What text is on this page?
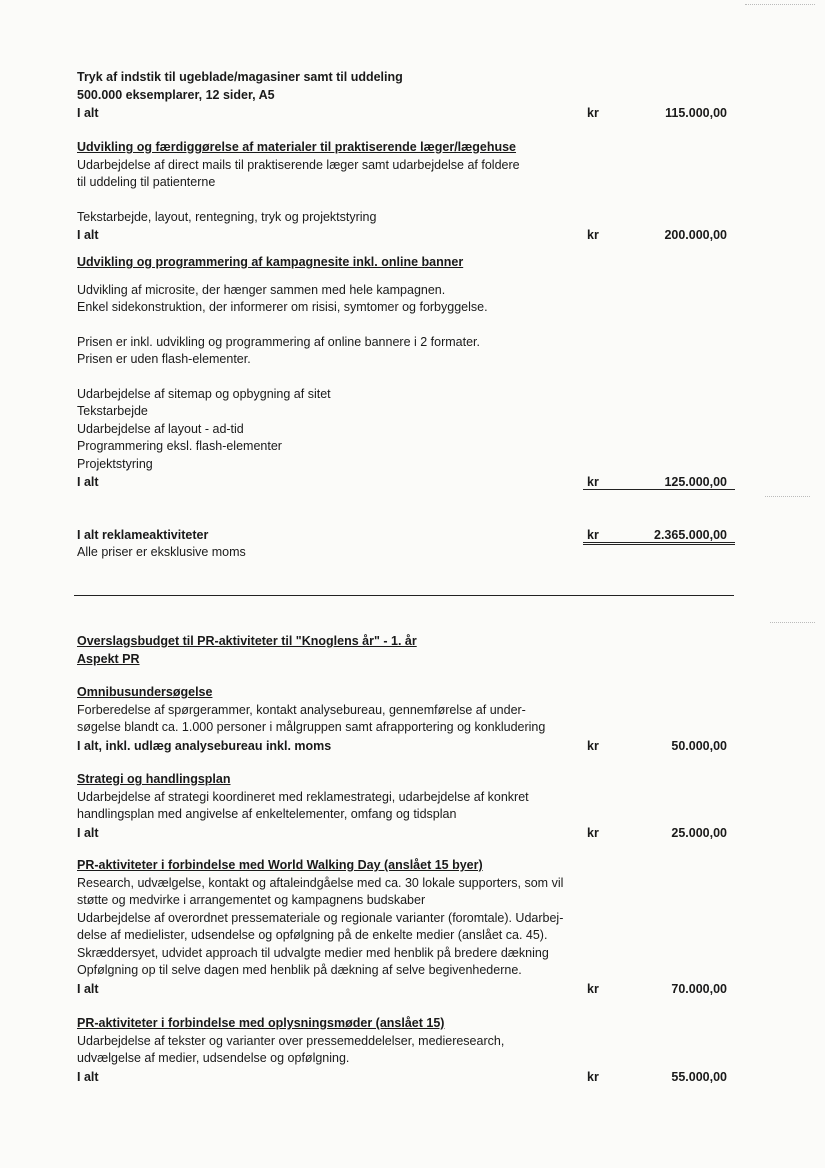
Tryk af indstik til ugeblade/magasiner samt til uddeling
500.000 eksemplarer, 12 sider, A5
I alt	kr	115.000,00
Udvikling og færdiggørelse af materialer til praktiserende læger/lægehuse
Udarbejdelse af direct mails til praktiserende læger samt udarbejdelse af foldere
til uddeling til patienterne
Tekstarbejde, layout, rentegning, tryk og projektstyring
I alt	kr	200.000,00
Udvikling og programmering af kampagnesite inkl. online banner
Udvikling af microsite, der hænger sammen med hele kampagnen.
Enkel sidekonstruktion, der informerer om risisi, symtomer og forbyggelse.
Prisen er inkl. udvikling og programmering af online bannere i 2 formater.
Prisen er uden flash-elementer.
Udarbejdelse af sitemap og opbygning af sitet
Tekstarbejde
Udarbejdelse af layout - ad-tid
Programmering eksl. flash-elementer
Projektstyring
I alt	kr	125.000,00
I alt reklameaktiviteter	kr	2.365.000,00
Alle priser er eksklusive moms
Overslagsbudget til PR-aktiviteter til "Knoglens år" - 1. år
Aspekt PR
Omnibusundersøgelse
Forberedelse af spørgerammer, kontakt analysebureau, gennemførelse af under-
søgelse blandt ca. 1.000 personer i målgruppen samt afrapportering og konkludering
I alt, inkl. udlæg analysebureau inkl. moms	kr	50.000,00
Strategi og handlingsplan
Udarbejdelse af strategi koordineret med reklamestrategi, udarbejdelse af konkret
handlingsplan med angivelse af enkeltelementer, omfang og tidsplan
I alt	kr	25.000,00
PR-aktiviteter i forbindelse med World Walking Day (anslået 15 byer)
Research, udvælgelse, kontakt og aftaleindgåelse med ca. 30 lokale supporters, som vil
støtte og medvirke i arrangementet og kampagnens budskaber
Udarbejdelse af overordnet pressemateriale og regionale varianter (foromtale). Udarbej-
delse af medielister, udsendelse og opfølgning på de enkelte medier (anslået ca. 45).
Skræddersyet, udvidet approach til udvalgte medier med henblik på bredere dækning
Opfølgning op til selve dagen med henblik på dækning af selve begivenhederne.
I alt	kr	70.000,00
PR-aktiviteter i forbindelse med oplysningsmøder (anslået 15)
Udarbejdelse af tekster og varianter over pressemeddelelser, medieresearch,
udvælgelse af medier, udsendelse og opfølgning.
I alt	kr	55.000,00
